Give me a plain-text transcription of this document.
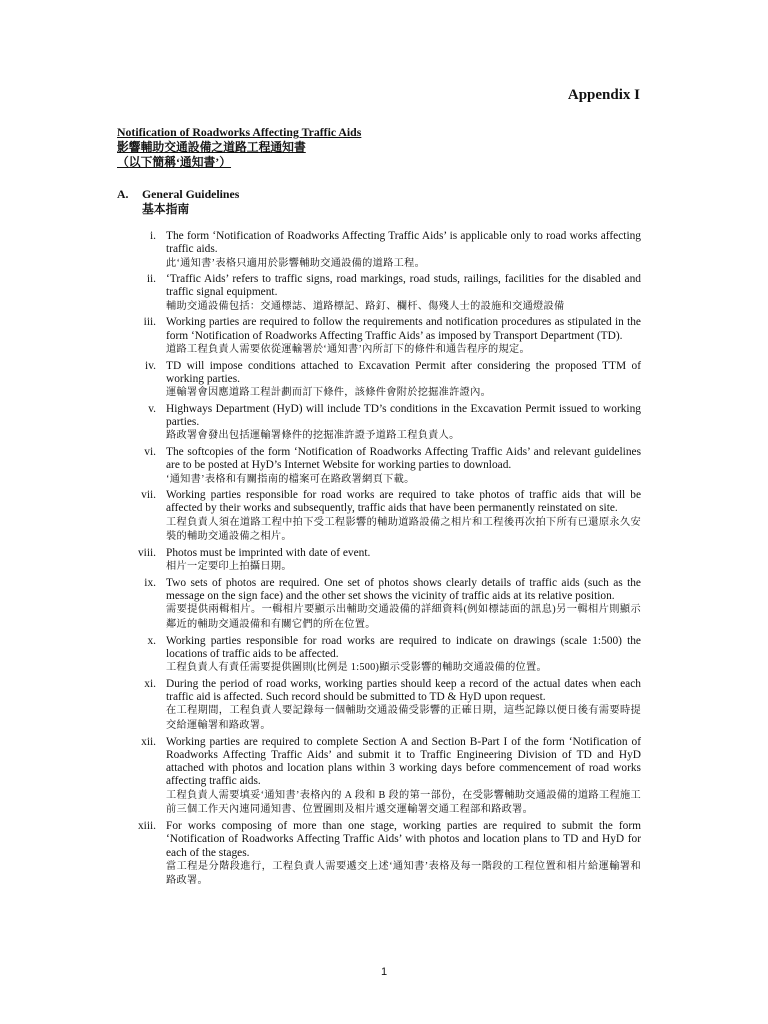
Appendix I
Notification of Roadworks Affecting Traffic Aids
影響輔助交通設備之道路工程通知書
（以下簡稱‘通知書’）
A. General Guidelines
基本指南
i. The form ‘Notification of Roadworks Affecting Traffic Aids’ is applicable only to road works affecting traffic aids.
此‘通知書’表格只適用於影響輔助交通設備的道路工程。
ii. ‘Traffic Aids’ refers to traffic signs, road markings, road studs, railings, facilities for the disabled and traffic signal equipment.
輔助交通設備包括：交通標誌、道路標記、路釘、欄杆、傷殘人士的設施和交通燈設備
iii. Working parties are required to follow the requirements and notification procedures as stipulated in the form ‘Notification of Roadworks Affecting Traffic Aids’ as imposed by Transport Department (TD).
道路工程負責人需要依從運輸署於‘通知書’內所訂下的條件和通告程序的規定。
iv. TD will impose conditions attached to Excavation Permit after considering the proposed TTM of working parties.
運輸署會因應道路工程計劃而訂下條件，該條件會附於挖掘准許證內。
v. Highways Department (HyD) will include TD’s conditions in the Excavation Permit issued to working parties.
路政署會發出包括運輸署條件的挖掘准許證予道路工程負責人。
vi. The softcopies of the form ‘Notification of Roadworks Affecting Traffic Aids’ and relevant guidelines are to be posted at HyD’s Internet Website for working parties to download.
‘通知書’表格和有關指南的檔案可在路政署網頁下載。
vii. Working parties responsible for road works are required to take photos of traffic aids that will be affected by their works and subsequently, traffic aids that have been permanently reinstated on site.
工程負責人須在道路工程中拍下受工程影響的輔助道路設備之相片和工程後再次拍下所有已還原永久安裝的輔助交通設備之相片。
viii. Photos must be imprinted with date of event.
相片一定要印上拍攝日期。
ix. Two sets of photos are required. One set of photos shows clearly details of traffic aids (such as the message on the sign face) and the other set shows the vicinity of traffic aids at its relative position.
需要提供兩輯相片。一輯相片要顯示出輔助交通設備的詳細資料(例如標誌面的訊息)另一輯相片則顯示鄰近的輔助交通設備和有關它們的所在位置。
x. Working parties responsible for road works are required to indicate on drawings (scale 1:500) the locations of traffic aids to be affected.
工程負責人有責任需要提供圖則(比例是 1:500)顯示受影響的輔助交通設備的位置。
xi. During the period of road works, working parties should keep a record of the actual dates when each traffic aid is affected. Such record should be submitted to TD & HyD upon request.
在工程期間，工程負責人要記錄每一個輔助交通設備受影響的正確日期，這些記錄以便日後有需要時提交給運輸署和路政署。
xii. Working parties are required to complete Section A and Section B-Part I of the form ‘Notification of Roadworks Affecting Traffic Aids’ and submit it to Traffic Engineering Division of TD and HyD attached with photos and location plans within 3 working days before commencement of road works affecting traffic aids.
工程負責人需要填妥‘通知書’表格內的 A 段和 B 段的第一部份，在受影響輔助交通設備的道路工程施工前三個工作天內連同通知書、位置圖則及相片遞交運輸署交通工程部和路政署。
xiii. For works composing of more than one stage, working parties are required to submit the form ‘Notification of Roadworks Affecting Traffic Aids’ with photos and location plans to TD and HyD for each of the stages.
當工程是分階段進行，工程負責人需要遞交上述‘通知書’表格及每一階段的工程位置和相片給運輸署和路政署。
1
